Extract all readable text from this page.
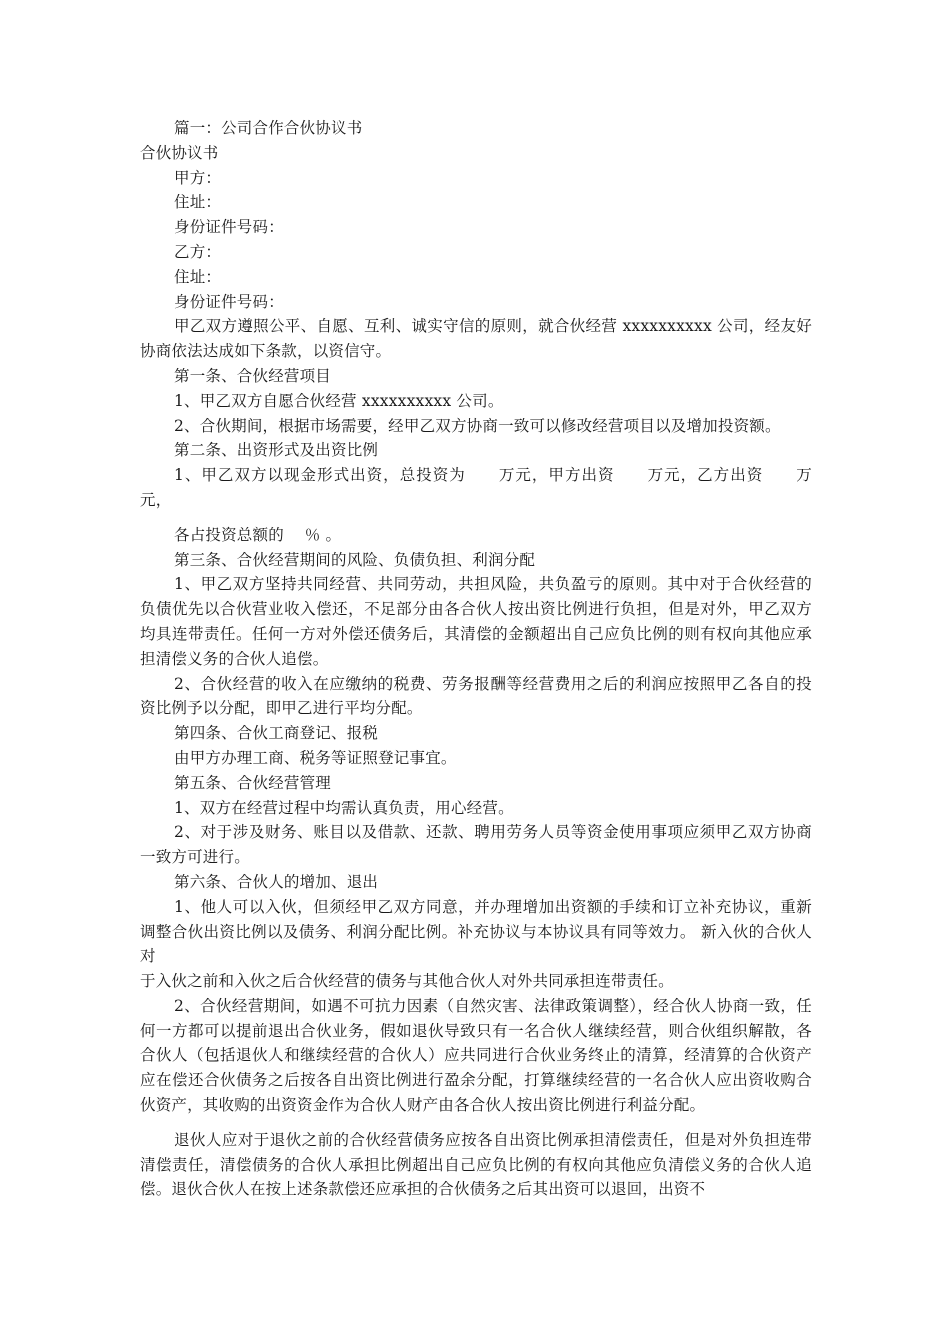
篇一：公司合作合伙协议书

合伙协议书

甲方：

住址：

身份证件号码：

乙方：

住址：

身份证件号码：

甲乙双方遵照公平、自愿、互利、诚实守信的原则，就合伙经营 xxxxxxxxxx 公司，经友好协商依法达成如下条款，以资信守。

第一条、合伙经营项目

1、甲乙双方自愿合伙经营 xxxxxxxxxx 公司。

2、合伙期间，根据市场需要，经甲乙双方协商一致可以修改经营项目以及增加投资额。

第二条、出资形式及出资比例

1、甲乙双方以现金形式出资，总投资为　　万元，甲方出资　　万元，乙方出资　　万元，

各占投资总额的　 ％ 。

第三条、合伙经营期间的风险、负债负担、利润分配

1、甲乙双方坚持共同经营、共同劳动，共担风险，共负盈亏的原则。其中对于合伙经营的负债优先以合伙营业收入偿还，不足部分由各合伙人按出资比例进行负担，但是对外，甲乙双方均具连带责任。任何一方对外偿还债务后，其清偿的金额超出自己应负比例的则有权向其他应承担清偿义务的合伙人追偿。

2、合伙经营的收入在应缴纳的税费、劳务报酬等经营费用之后的利润应按照甲乙各自的投资比例予以分配，即甲乙进行平均分配。

第四条、合伙工商登记、报税

由甲方办理工商、税务等证照登记事宜。

第五条、合伙经营管理

1、双方在经营过程中均需认真负责，用心经营。

2、对于涉及财务、账目以及借款、还款、聘用劳务人员等资金使用事项应须甲乙双方协商一致方可进行。

第六条、合伙人的增加、退出

1、他人可以入伙，但须经甲乙双方同意，并办理增加出资额的手续和订立补充协议，重新调整合伙出资比例以及债务、利润分配比例。补充协议与本协议具有同等效力。 新入伙的合伙人对

于入伙之前和入伙之后合伙经营的债务与其他合伙人对外共同承担连带责任。

2、合伙经营期间，如遇不可抗力因素（自然灾害、法律政策调整），经合伙人协商一致，任何一方都可以提前退出合伙业务，假如退伙导致只有一名合伙人继续经营，则合伙组织解散，各合伙人（包括退伙人和继续经营的合伙人）应共同进行合伙业务终止的清算，经清算的合伙资产应在偿还合伙债务之后按各自出资比例进行盈余分配，打算继续经营的一名合伙人应出资收购合伙资产，其收购的出资资金作为合伙人财产由各合伙人按出资比例进行利益分配。

退伙人应对于退伙之前的合伙经营债务应按各自出资比例承担清偿责任，但是对外负担连带清偿责任，清偿债务的合伙人承担比例超出自己应负比例的有权向其他应负清偿义务的合伙人追偿。退伙合伙人在按上述条款偿还应承担的合伙债务之后其出资可以退回，出资不
